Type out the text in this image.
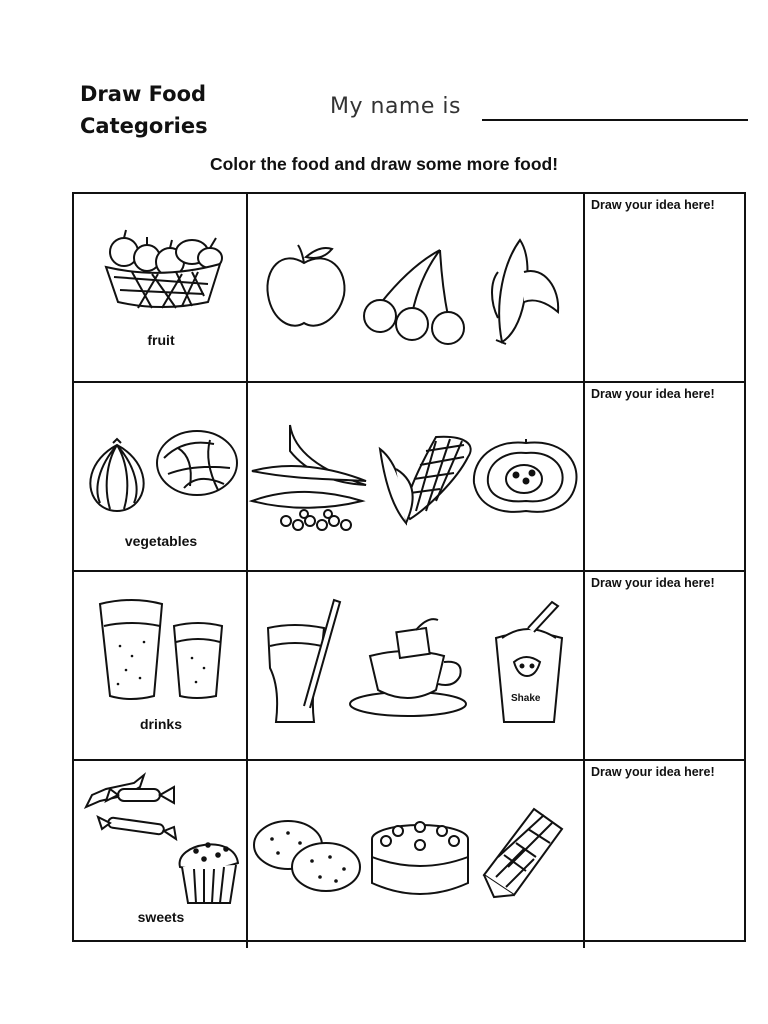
Draw Food
Categories
My name is
Color the food and draw some more food!
fruit
Draw your idea here!
vegetables
Draw your idea here!
drinks
Shake
Draw your idea here!
sweets
Draw your idea here!
